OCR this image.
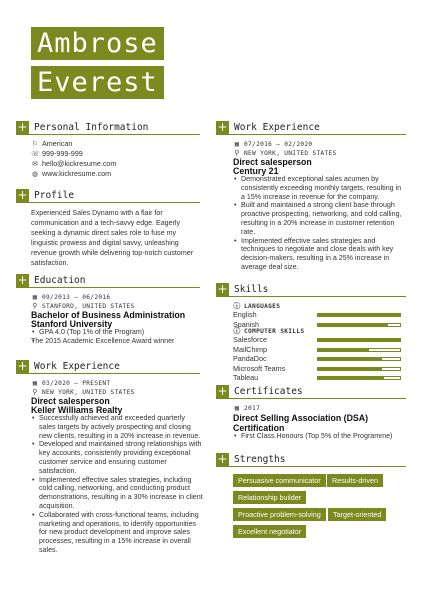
Ambrose
Everest
+ Personal Information
⚐ American
☏ 999-999-999
✉ hello@kickresume.com
◍ www.kickresume.com
+ Profile
Experienced Sales Dynamo with a flair for communication and a tech-savvy edge. Eagerly seeking a dynamic direct sales role to fuse my linguistic prowess and digital savvy, unleashing revenue growth while delivering top-notch customer satisfaction.
+ Education
▦ 09/2013 – 06/2016
⚲ STANFORD, UNITED STATES
Bachelor of Business Administration
Stanford University
• GPA 4.0 (Top 1% of the Program)
• The 2015 Academic Excellence Award winner
+ Work Experience
▦ 03/2020 – PRESENT
⚲ NEW YORK, UNITED STATES
Direct salesperson
Keller Williams Realty
• Successfully achieved and exceeded quarterly sales targets by actively prospecting and closing new clients, resulting in a 20% increase in revenue.
• Developed and maintained strong relationships with key accounts, consistently providing exceptional customer service and ensuring customer satisfaction.
• Implemented effective sales strategies, including cold calling, networking, and conducting product demonstrations, resulting in a 30% increase in client acquisition.
• Collaborated with cross-functional teams, including marketing and operations, to identify opportunities for new product development and improve sales processes, resulting in a 15% increase in overall sales.
+ Work Experience
▦ 07/2016 – 02/2020
⚲ NEW YORK, UNITED STATES
Direct salesperson
Century 21
• Demonstrated exceptional sales acumen by consistently exceeding monthly targets, resulting in a 15% increase in revenue for the company.
• Built and maintained a strong client base through proactive prospecting, networking, and cold calling, resulting in a 20% increase in customer retention rate.
• Implemented effective sales strategies and techniques to negotiate and close deals with key decision-makers, resulting in a 25% increase in average deal size.
+ Skills
ⓘ LANGUAGES
English
Spanish
ⓘ COMPUTER SKILLS
Salesforce
MailChimp
PandaDoc
Microsoft Teams
Tableau
+ Certificates
▦ 2017
Direct Selling Association (DSA) Certification
• First Class Honours (Top 5% of the Programme)
+ Strengths
Persuasive communicator	Results-driven
Relationship builder
Proactive problem-solving	Target-oriented
Excellent negotiator
